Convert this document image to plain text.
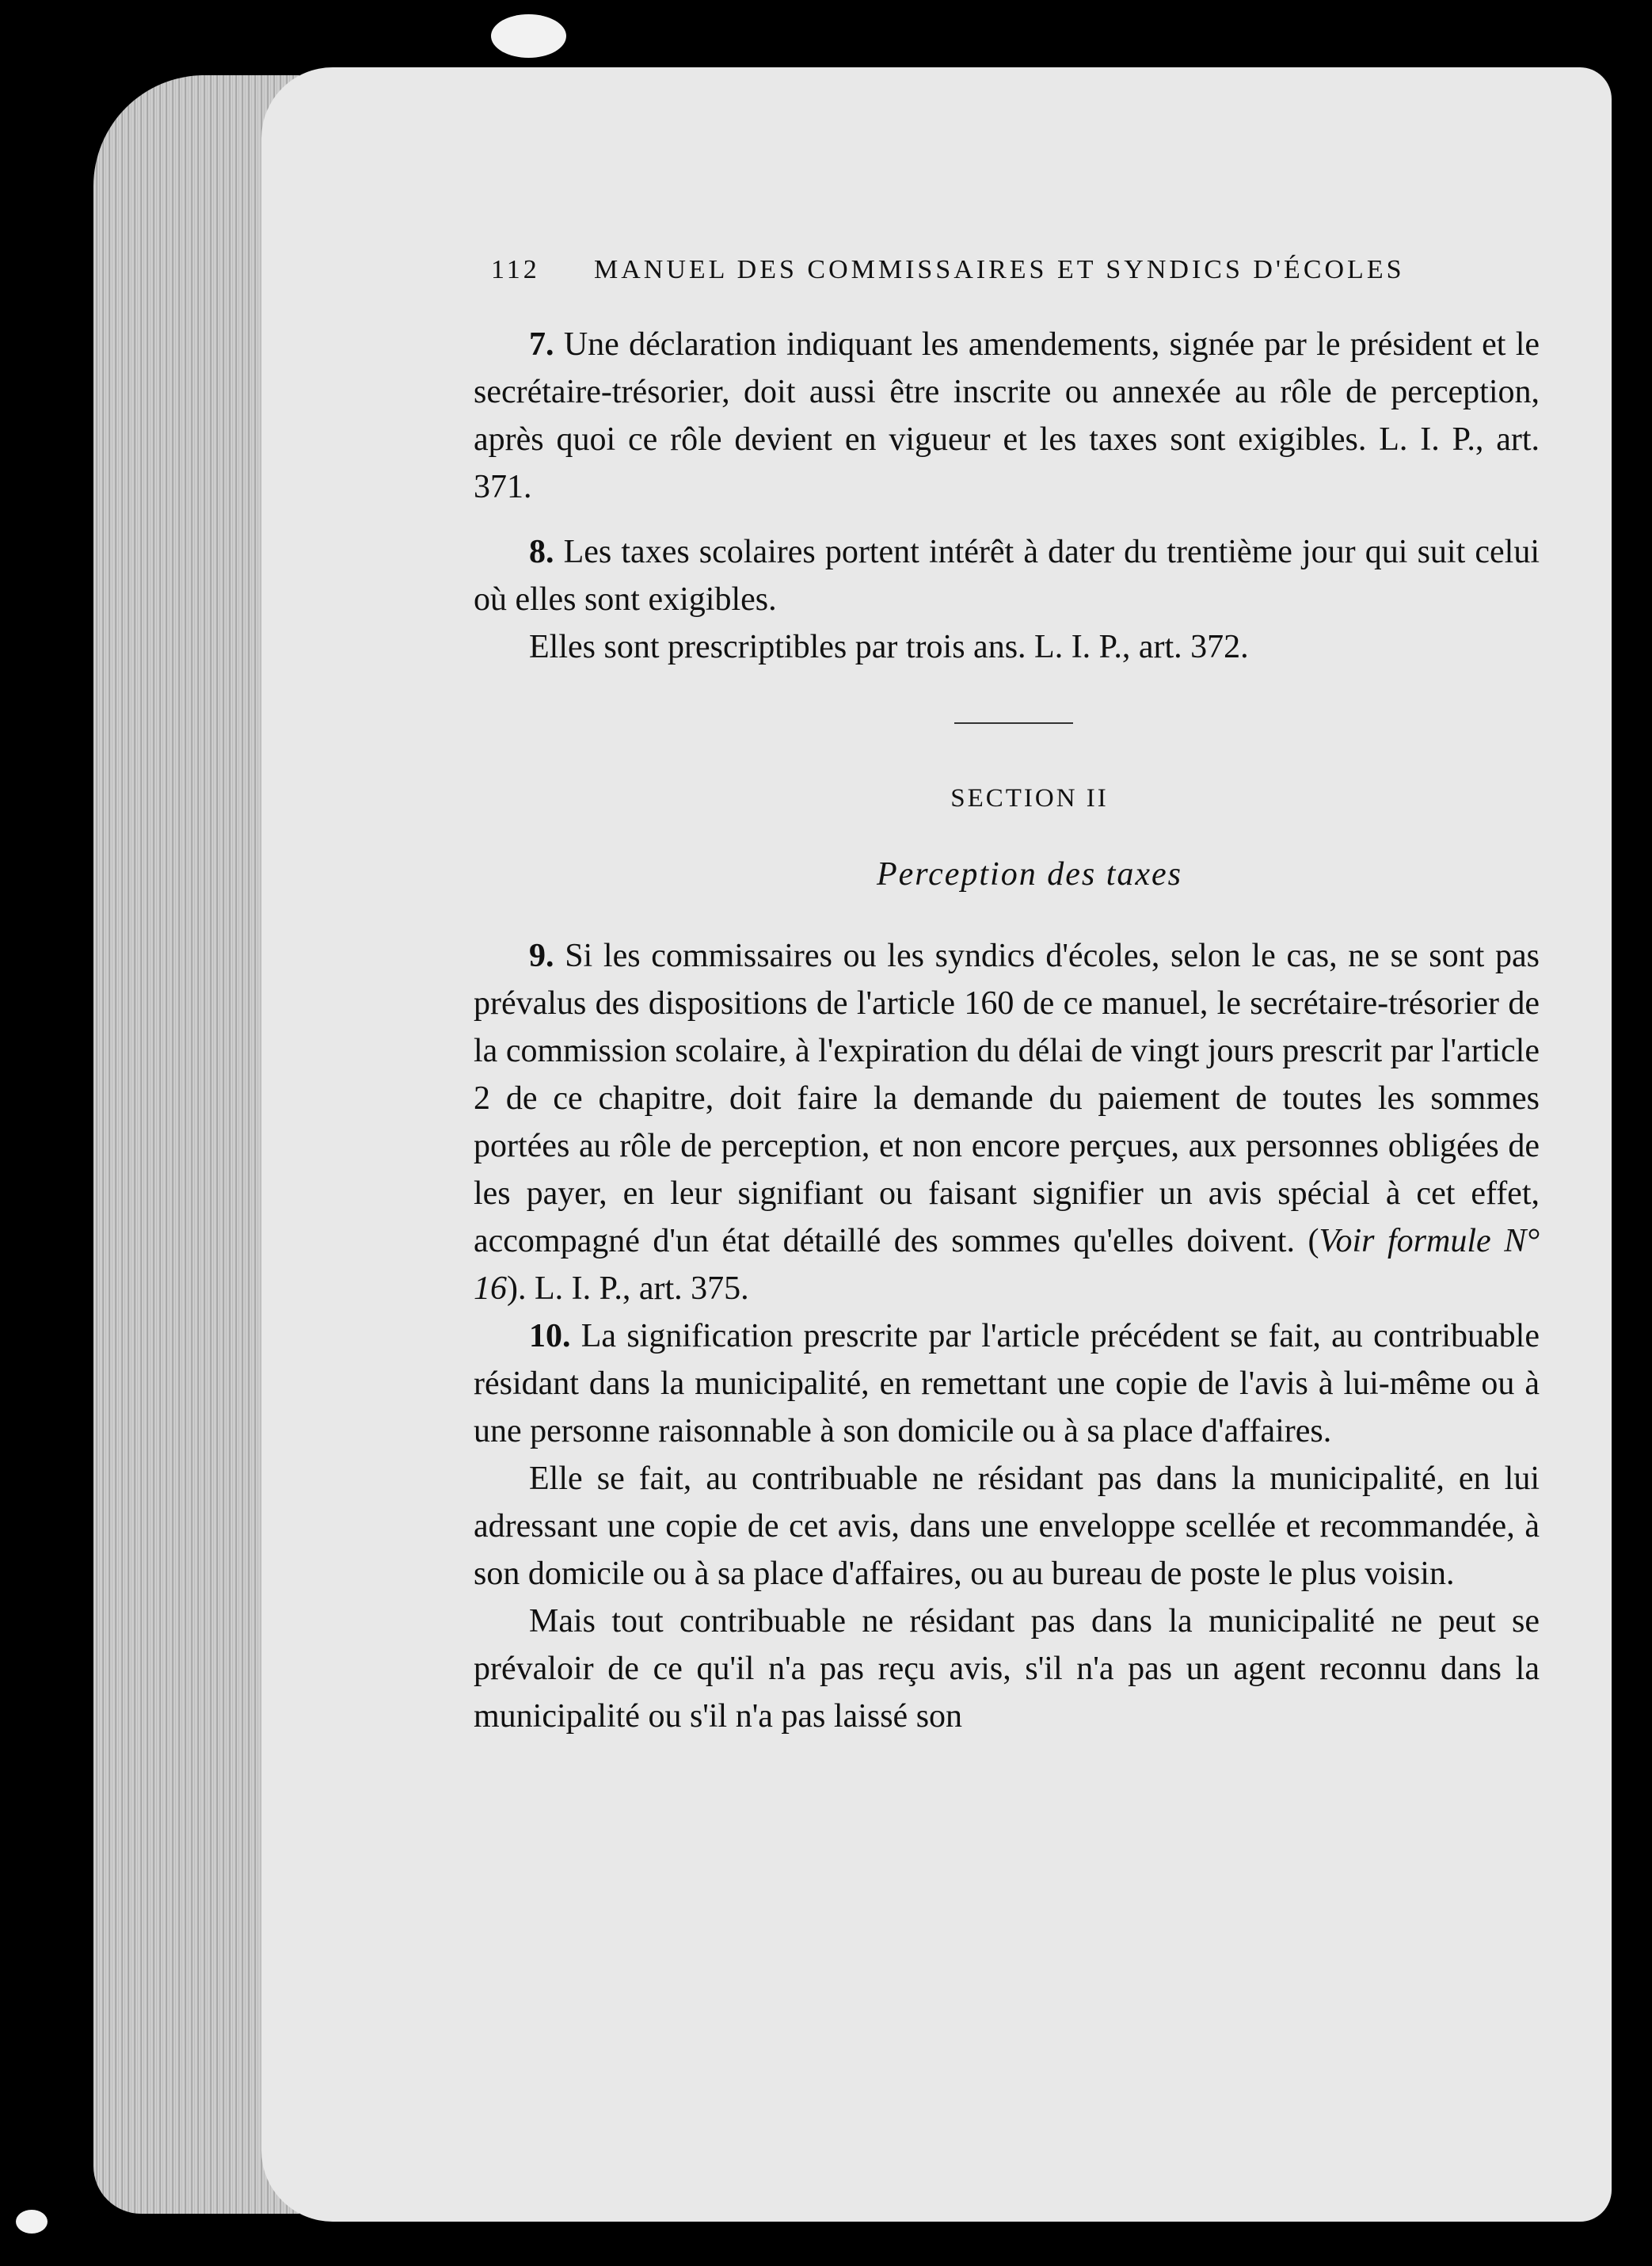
112	MANUEL DES COMMISSAIRES ET SYNDICS D'ÉCOLES

7. Une déclaration indiquant les amendements, signée par le président et le secrétaire-trésorier, doit aussi être inscrite ou annexée au rôle de perception, après quoi ce rôle devient en vigueur et les taxes sont exigibles. L. I. P., art. 371.

8. Les taxes scolaires portent intérêt à dater du trentième jour qui suit celui où elles sont exigibles.

Elles sont prescriptibles par trois ans. L. I. P., art. 372.

SECTION II
Perception des taxes

9. Si les commissaires ou les syndics d'écoles, selon le cas, ne se sont pas prévalus des dispositions de l'article 160 de ce manuel, le secrétaire-trésorier de la commission scolaire, à l'expiration du délai de vingt jours prescrit par l'article 2 de ce chapitre, doit faire la demande du paiement de toutes les sommes portées au rôle de perception, et non encore perçues, aux personnes obligées de les payer, en leur signifiant ou faisant signifier un avis spécial à cet effet, accompagné d'un état détaillé des sommes qu'elles doivent. (Voir formule N° 16). L. I. P., art. 375.

10. La signification prescrite par l'article précédent se fait, au contribuable résidant dans la municipalité, en remettant une copie de l'avis à lui-même ou à une personne raisonnable à son domicile ou à sa place d'affaires.

Elle se fait, au contribuable ne résidant pas dans la municipalité, en lui adressant une copie de cet avis, dans une enveloppe scellée et recommandée, à son domicile ou à sa place d'affaires, ou au bureau de poste le plus voisin.

Mais tout contribuable ne résidant pas dans la municipalité ne peut se prévaloir de ce qu'il n'a pas reçu avis, s'il n'a pas un agent reconnu dans la municipalité ou s'il n'a pas laissé son
